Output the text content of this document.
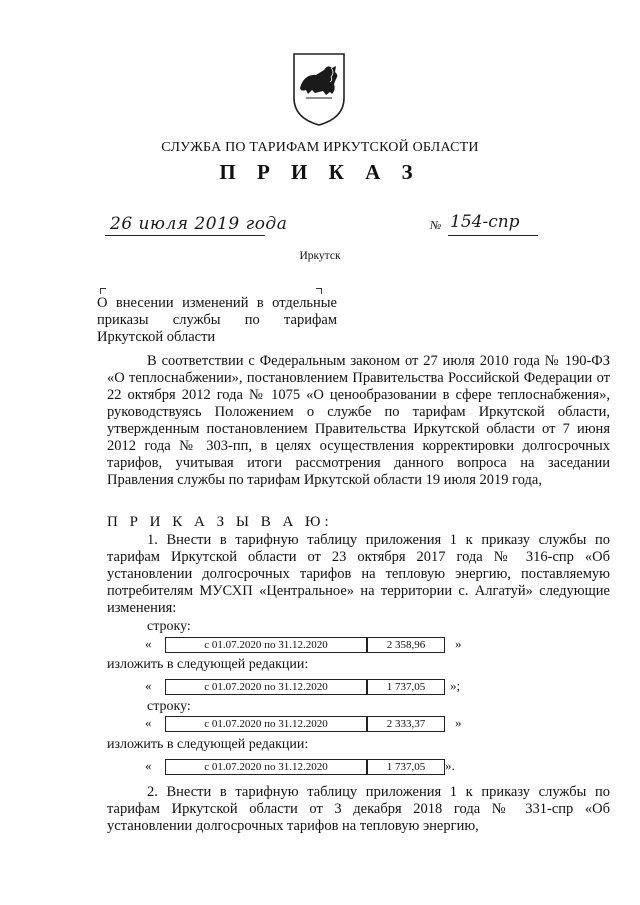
СЛУЖБА ПО ТАРИФАМ ИРКУТСКОЙ ОБЛАСТИ
П Р И К А З
26 июля 2019 года	№ 154-спр
Иркутск
О внесении изменений в отдельные приказы службы по тарифам Иркутской области
В соответствии с Федеральным законом от 27 июля 2010 года № 190-ФЗ «О теплоснабжении», постановлением Правительства Российской Федерации от 22 октября 2012 года № 1075 «О ценообразовании в сфере теплоснабжения», руководствуясь Положением о службе по тарифам Иркутской области, утвержденным постановлением Правительства Иркутской области от 7 июня 2012 года № 303-пп, в целях осуществления корректировки долгосрочных тарифов, учитывая итоги рассмотрения данного вопроса на заседании Правления службы по тарифам Иркутской области 19 июля 2019 года,
П Р И К А З Ы В А Ю:
1. Внести в тарифную таблицу приложения 1 к приказу службы по тарифам Иркутской области от 23 октября 2017 года № 316-спр «Об установлении долгосрочных тарифов на тепловую энергию, поставляемую потребителям МУСХП «Центральное» на территории с. Алгатуй» следующие изменения:
строку:
«	с 01.07.2020 по 31.12.2020	2 358,96	»
изложить в следующей редакции:
«	с 01.07.2020 по 31.12.2020	1 737,05	»;
строку:
«	с 01.07.2020 по 31.12.2020	2 333,37	»
изложить в следующей редакции:
«	с 01.07.2020 по 31.12.2020	1 737,05	».
2. Внести в тарифную таблицу приложения 1 к приказу службы по тарифам Иркутской области от 3 декабря 2018 года № 331-спр «Об установлении долгосрочных тарифов на тепловую энергию,
